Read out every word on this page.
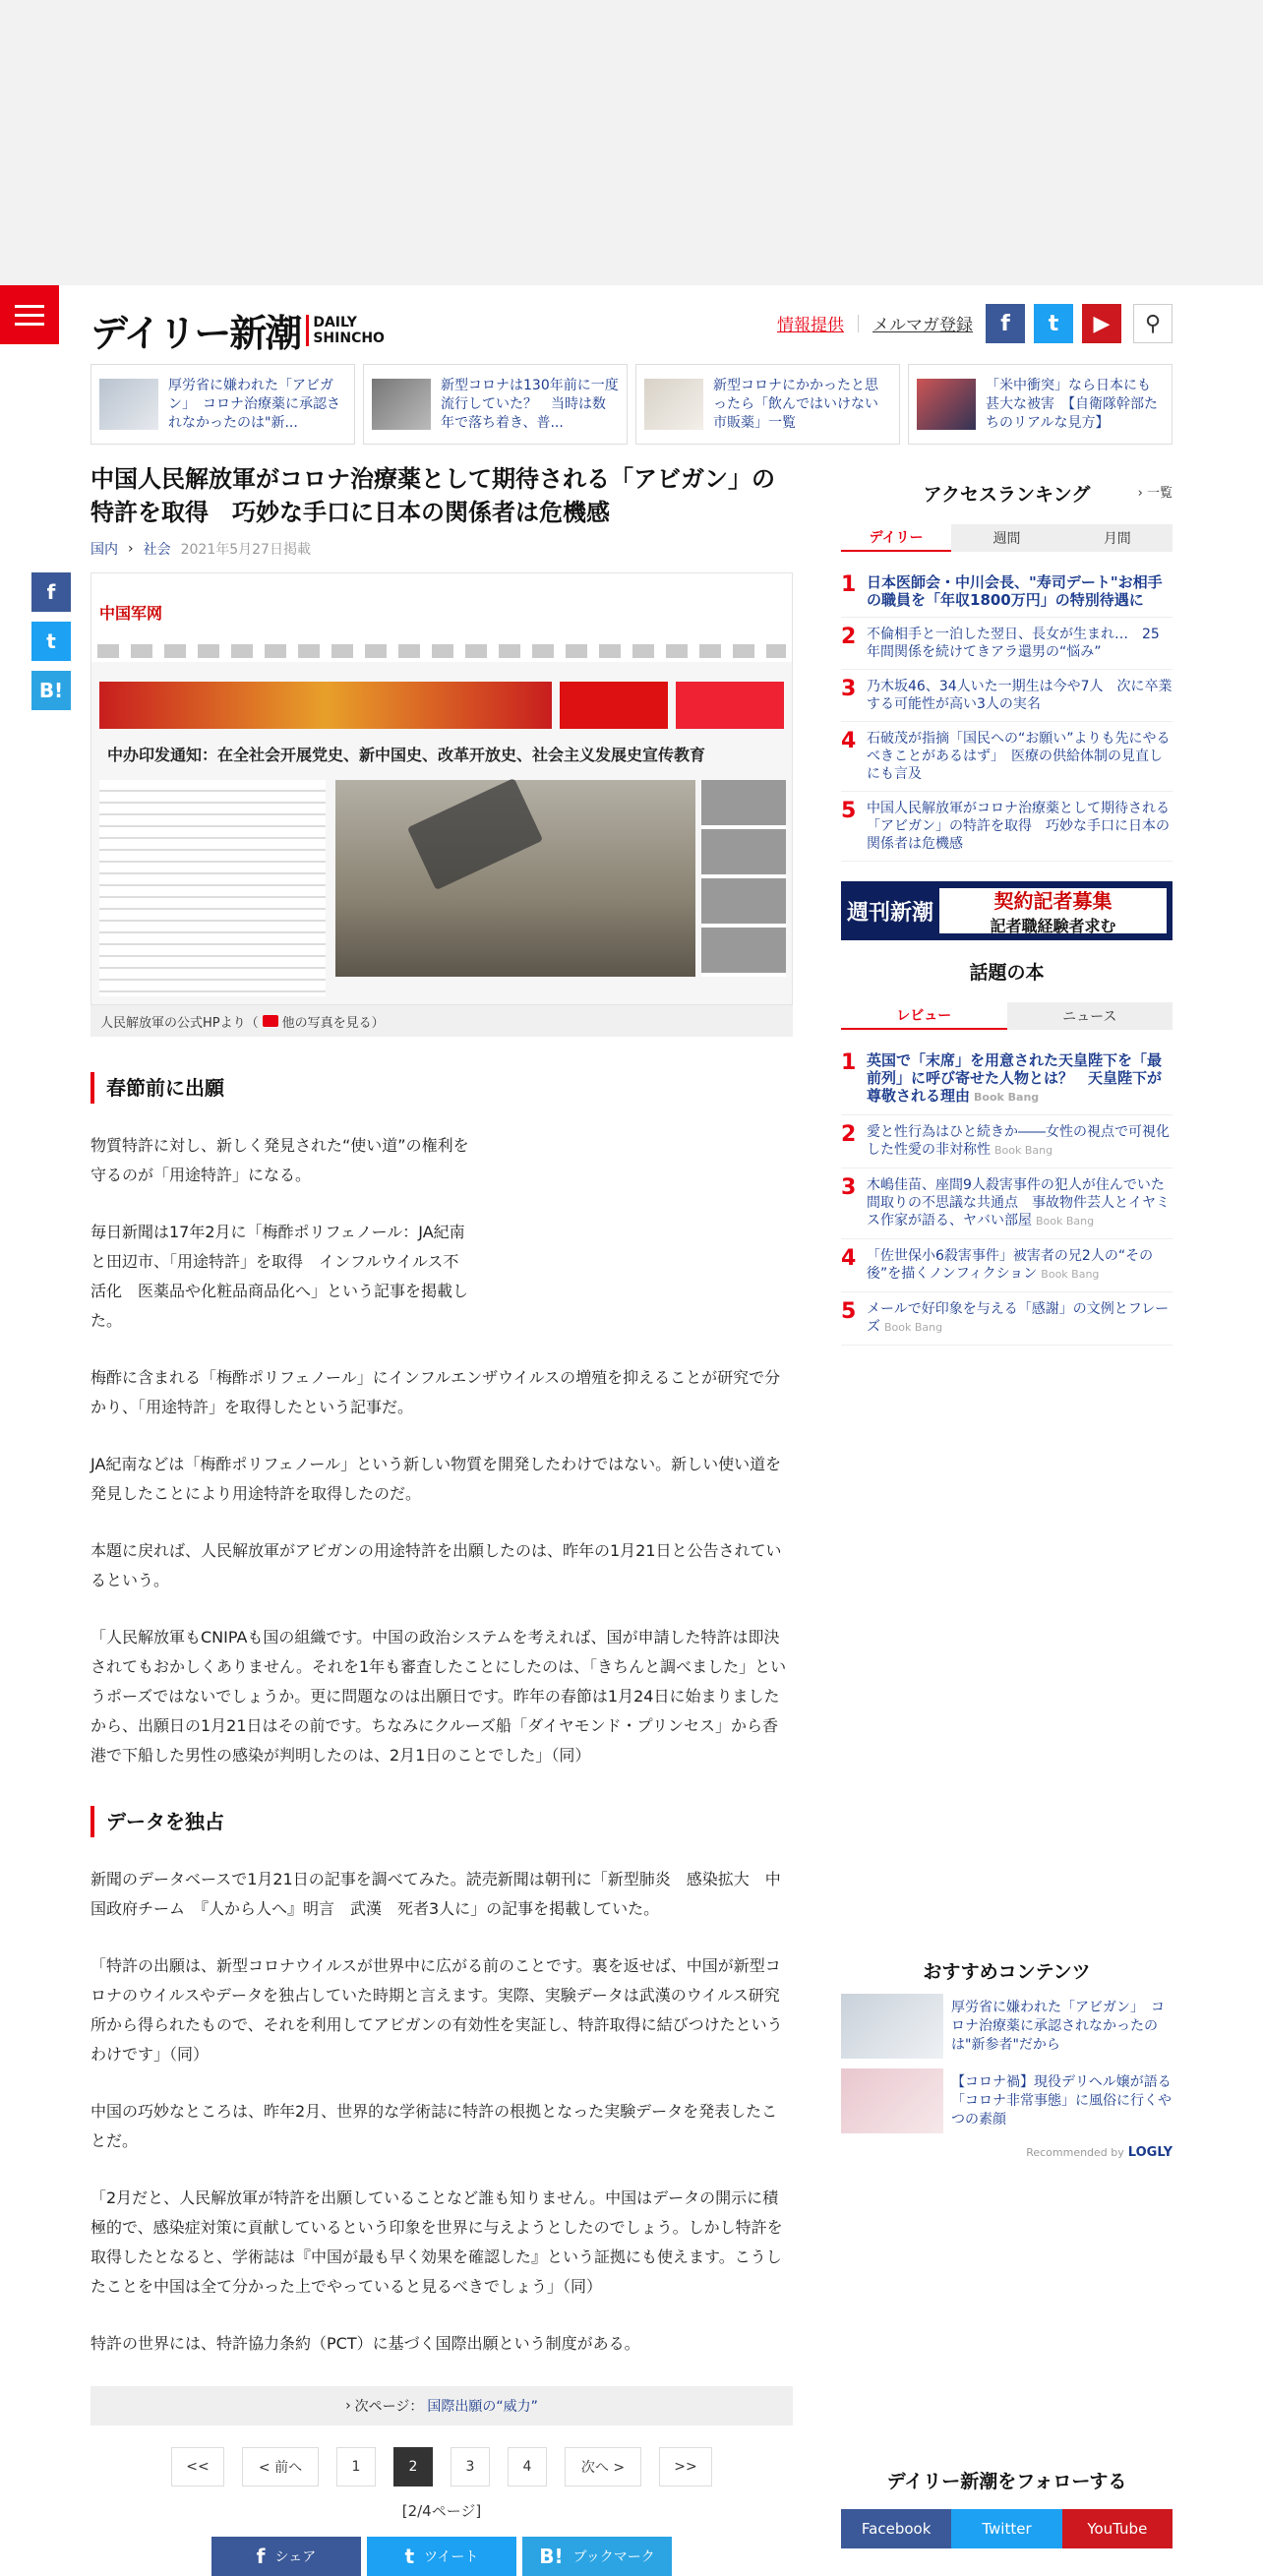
デイリー新潮 DAILY
SHINCHO
情報提供 メルマガ登録	f	t	▶	⚲

厚労省に嫌われた「アビガン」　コロナ治療薬に承認されなかったのは"新...

新型コロナは130年前に一度流行していた？　当時は数年で落ち着き、普...

新型コロナにかかったと思ったら「飲んではいけない市販薬」一覧

「米中衝突」なら日本にも甚大な被害　【自衛隊幹部たちのリアルな見方】

f
t
B!
中国人民解放軍がコロナ治療薬として期待される「アビガン」の特許を取得　巧妙な手口に日本の関係者は危機感
国内 › 社会 2021年5月27日掲載
中国军网
中办印发通知：在全社会开展党史、新中国史、改革开放史、社会主义发展史宣传教育
人民解放軍の公式HPより（ 他の写真を見る）
春節前に出願

物質特許に対し、新しく発見された“使い道”の権利を守るのが「用途特許」になる。

毎日新聞は17年2月に「梅酢ポリフェノール：JA紀南と田辺市、「用途特許」を取得　インフルウイルス不活化　医薬品や化粧品商品化へ」という記事を掲載した。

梅酢に含まれる「梅酢ポリフェノール」にインフルエンザウイルスの増殖を抑えることが研究で分かり、「用途特許」を取得したという記事だ。

JA紀南などは「梅酢ポリフェノール」という新しい物質を開発したわけではない。新しい使い道を発見したことにより用途特許を取得したのだ。

本題に戻れば、人民解放軍がアビガンの用途特許を出願したのは、昨年の1月21日と公告されているという。

「人民解放軍もCNIPAも国の組織です。中国の政治システムを考えれば、国が申請した特許は即決されてもおかしくありません。それを1年も審査したことにしたのは、「きちんと調べました」というポーズではないでしょうか。更に問題なのは出願日です。昨年の春節は1月24日に始まりましたから、出願日の1月21日はその前です。ちなみにクルーズ船「ダイヤモンド・プリンセス」から香港で下船した男性の感染が判明したのは、2月1日のことでした」（同）

データを独占

新聞のデータベースで1月21日の記事を調べてみた。読売新聞は朝刊に「新型肺炎　感染拡大　中国政府チーム　『人から人へ』明言　武漢　死者3人に」の記事を掲載していた。

「特許の出願は、新型コロナウイルスが世界中に広がる前のことです。裏を返せば、中国が新型コロナのウイルスやデータを独占していた時期と言えます。実際、実験データは武漢のウイルス研究所から得られたもので、それを利用してアビガンの有効性を実証し、特許取得に結びつけたというわけです」（同）

中国の巧妙なところは、昨年2月、世界的な学術誌に特許の根拠となった実験データを発表したことだ。

「2月だと、人民解放軍が特許を出願していることなど誰も知りません。中国はデータの開示に積極的で、感染症対策に貢献しているという印象を世界に与えようとしたのでしょう。しかし特許を取得したとなると、学術誌は『中国が最も早く効果を確認した』という証拠にも使えます。こうしたことを中国は全て分かった上でやっていると見るべきでしょう」（同）

特許の世界には、特許協力条約（PCT）に基づく国際出願という制度がある。

› 次ページ： 国際出願の“威力”
<<	< 前へ	1	2	3	4	次へ >	>>
[2/4ページ]
f シェア	t ツイート	B! ブックマーク
アクセスランキング	› 一覧
デイリー	週間	月間
1 日本医師会・中川会長、"寿司デート"お相手の職員を「年収1800万円」の特別待遇に
2 不倫相手と一泊した翌日、長女が生まれ…　25年間関係を続けてきアラ還男の“悩み”
3 乃木坂46、34人いた一期生は今や7人　次に卒業する可能性が高い3人の実名
4 石破茂が指摘「国民への“お願い”よりも先にやるべきことがあるはず」　医療の供給体制の見直しにも言及
5 中国人民解放軍がコロナ治療薬として期待される「アビガン」の特許を取得　巧妙な手口に日本の関係者は危機感
週刊新潮	契約記者募集
記者職経験者求む
話題の本
レビュー	ニュース
1 英国で「末席」を用意された天皇陛下を「最前列」に呼び寄せた人物とは？　天皇陛下が尊敬される理由 Book Bang
2 愛と性行為はひと続きか――女性の視点で可視化した性愛の非対称性 Book Bang
3 木嶋佳苗、座間9人殺害事件の犯人が住んでいた間取りの不思議な共通点　事故物件芸人とイヤミス作家が語る、ヤバい部屋 Book Bang
4 「佐世保小6殺害事件」被害者の兄2人の“その後”を描くノンフィクション Book Bang
5 メールで好印象を与える「感謝」の文例とフレーズ Book Bang
おすすめコンテンツ
厚労省に嫌われた「アビガン」　コロナ治療薬に承認されなかったのは"新参者"だから
【コロナ禍】現役デリヘル嬢が語る「コロナ非常事態」に風俗に行くやつの素顔
Recommended by LOGLY
デイリー新潮をフォローする
Facebook	Twitter	YouTube
